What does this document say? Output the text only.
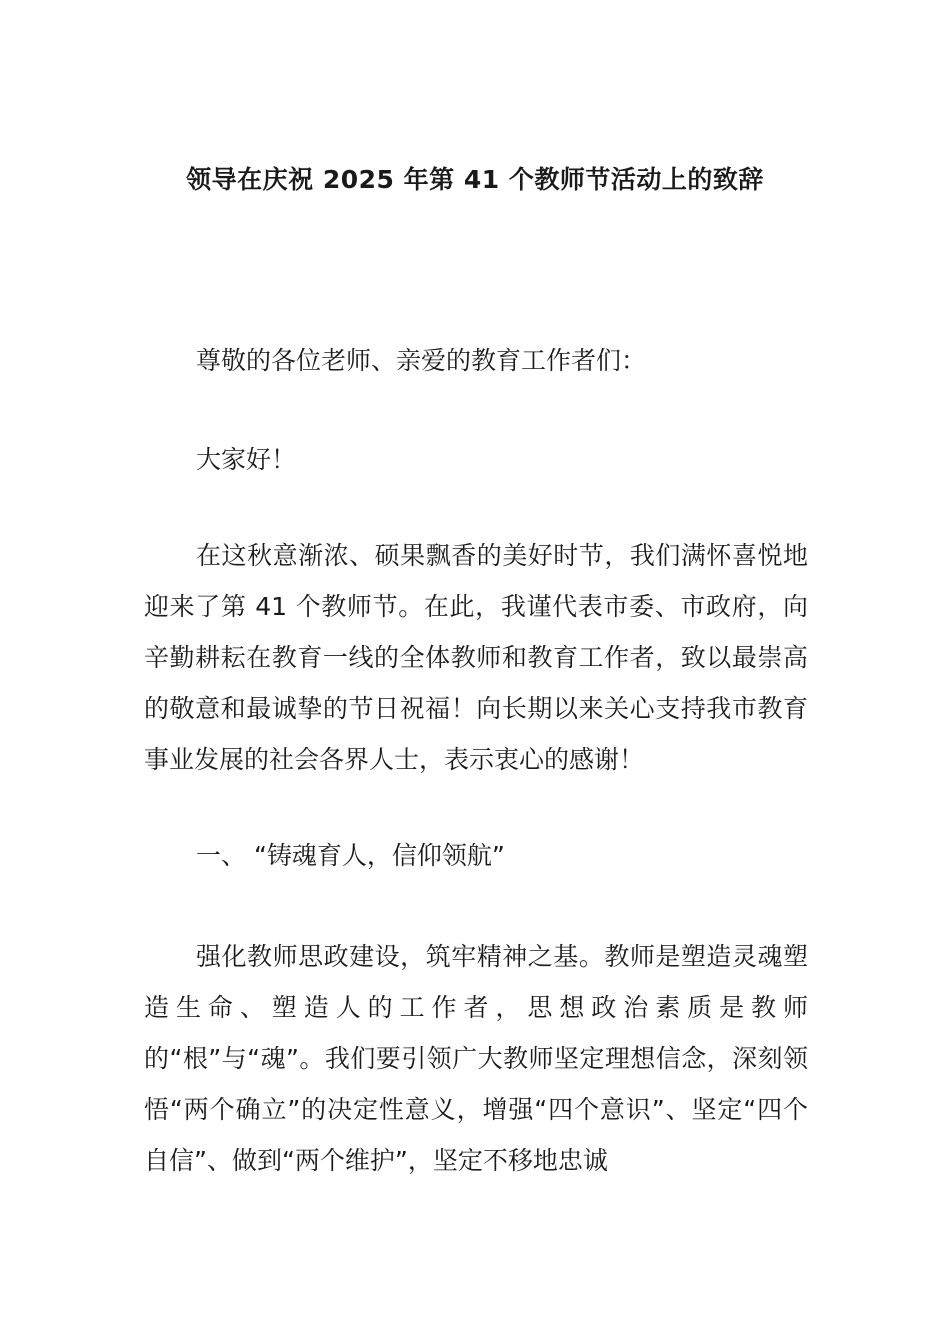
领导在庆祝 2025 年第 41 个教师节活动上的致辞
尊敬的各位老师、亲爱的教育工作者们：
大家好！
在这秋意渐浓、硕果飘香的美好时节，我们满怀喜悦地迎来了第 41 个教师节。在此，我谨代表市委、市政府，向辛勤耕耘在教育一线的全体教师和教育工作者，致以最崇高的敬意和最诚挚的节日祝福！向长期以来关心支持我市教育事业发展的社会各界人士，表示衷心的感谢！
一、 “铸魂育人，信仰领航”
强化教师思政建设，筑牢精神之基。教师是塑造灵魂塑造生命、塑造人的工作者，思想政治素质是教师的“根”与“魂”。我们要引领广大教师坚定理想信念，深刻领悟“两个确立”的决定性意义，增强“四个意识”、坚定“四个自信”、做到“两个维护”，坚定不移地忠诚
